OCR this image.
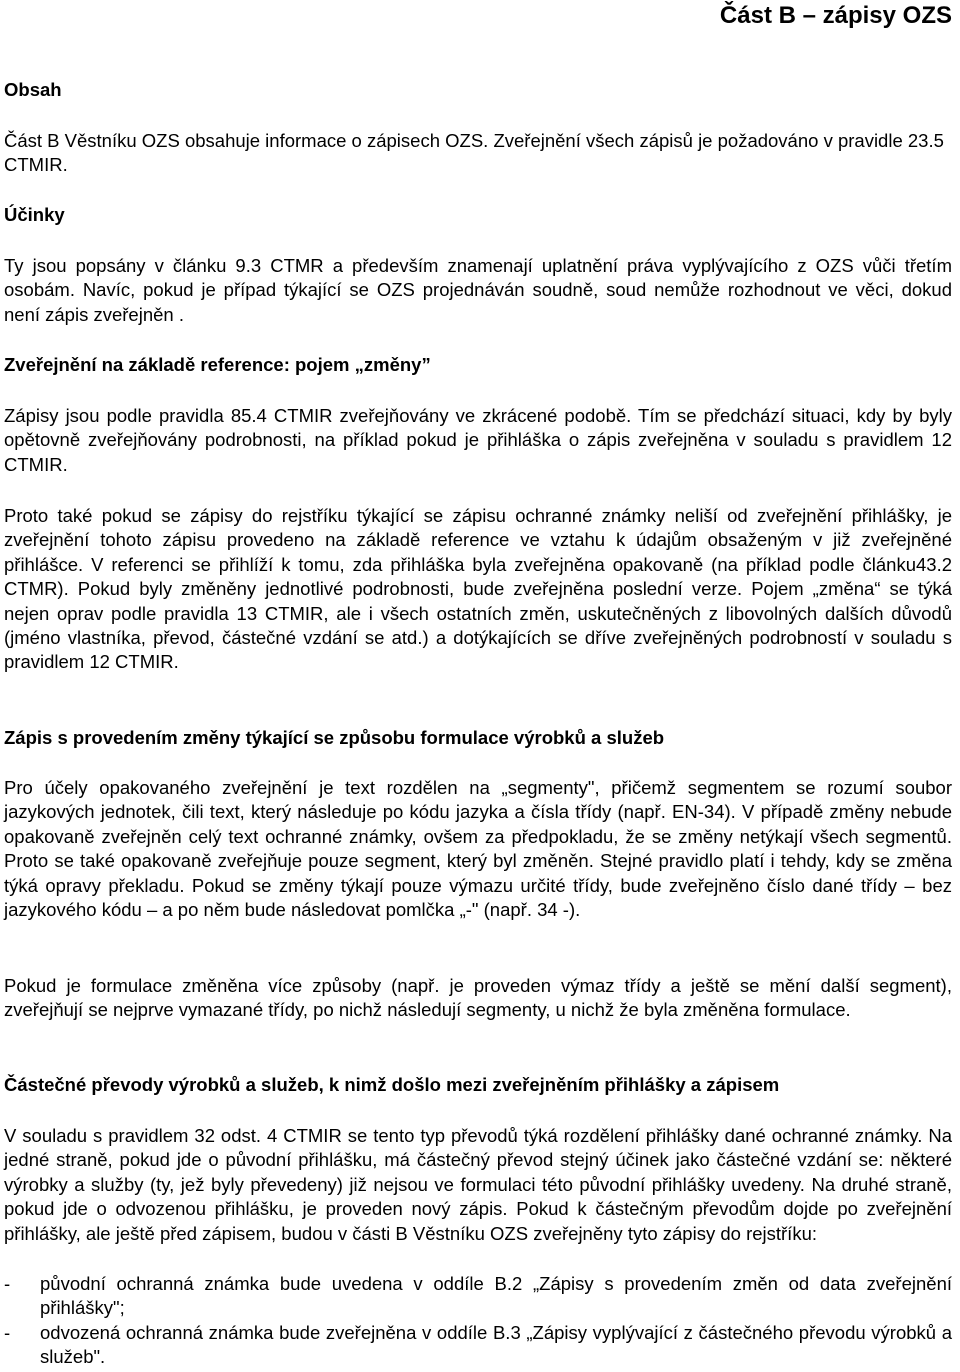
Část B – zápisy OZS
Obsah

Část B Věstníku OZS obsahuje informace o zápisech OZS. Zveřejnění všech zápisů je požadováno v pravidle 23.5 CTMIR.

Účinky

Ty jsou popsány v článku 9.3 CTMR a především znamenají uplatnění práva vyplývajícího z OZS vůči třetím osobám. Navíc, pokud je případ týkající se OZS projednáván soudně, soud nemůže rozhodnout ve věci, dokud není zápis zveřejněn .

Zveřejnění na základě reference: pojem „změny”

Zápisy jsou podle pravidla 85.4 CTMIR zveřejňovány ve zkrácené podobě. Tím se předchází situaci, kdy by byly opětovně zveřejňovány podrobnosti, na příklad pokud je přihláška o zápis zveřejněna v souladu s pravidlem 12 CTMIR.

Proto také pokud se zápisy do rejstříku týkající se zápisu ochranné známky neliší od zveřejnění přihlášky, je zveřejnění tohoto zápisu provedeno na základě reference ve vztahu k údajům obsaženým v již zveřejněné přihlášce. V referenci se přihlíží k tomu, zda přihláška byla zveřejněna opakovaně (na příklad podle článku43.2 CTMR). Pokud byly změněny jednotlivé podrobnosti, bude zveřejněna poslední verze. Pojem „změna“ se týká nejen oprav podle pravidla 13 CTMIR, ale i všech ostatních změn, uskutečněných z libovolných dalších důvodů (jméno vlastníka, převod, částečné vzdání se atd.) a dotýkajících se dříve zveřejněných podrobností v souladu s pravidlem 12 CTMIR.

Zápis s provedením změny týkající se způsobu formulace výrobků a služeb

Pro účely opakovaného zveřejnění je text rozdělen na „segmenty", přičemž segmentem se rozumí soubor jazykových jednotek, čili text, který následuje po kódu jazyka a čísla třídy (např. EN-34). V případě změny nebude opakovaně zveřejněn celý text ochranné známky, ovšem za předpokladu, že se změny netýkají všech segmentů. Proto se také opakovaně zveřejňuje pouze segment, který byl změněn. Stejné pravidlo platí i tehdy, kdy se změna týká opravy překladu. Pokud se změny týkají pouze výmazu určité třídy, bude zveřejněno číslo dané třídy – bez jazykového kódu – a po něm bude následovat pomlčka „-" (např. 34 -).

Pokud je formulace změněna více způsoby (např. je proveden výmaz třídy a ještě se mění další segment), zveřejňují se nejprve vymazané třídy, po nichž následují segmenty, u nichž že byla změněna formulace.

Částečné převody výrobků a služeb, k nimž došlo mezi zveřejněním přihlášky a zápisem

V souladu s pravidlem 32 odst. 4 CTMIR se tento typ převodů týká rozdělení přihlášky dané ochranné známky. Na jedné straně, pokud jde o původní přihlášku, má částečný převod stejný účinek jako částečné vzdání se: některé výrobky a služby (ty, jež byly převedeny) již nejsou ve formulaci této původní přihlášky uvedeny. Na druhé straně, pokud jde o odvozenou přihlášku, je proveden nový zápis. Pokud k částečným převodům dojde po zveřejnění přihlášky, ale ještě před zápisem, budou v části B Věstníku OZS zveřejněny tyto zápisy do rejstříku:

- původní ochranná známka bude uvedena v oddíle B.2 „Zápisy s provedením změn od data zveřejnění přihlášky";
- odvozená ochranná známka bude zveřejněna v oddíle B.3 „Zápisy vyplývající z částečného převodu výrobků a služeb".
